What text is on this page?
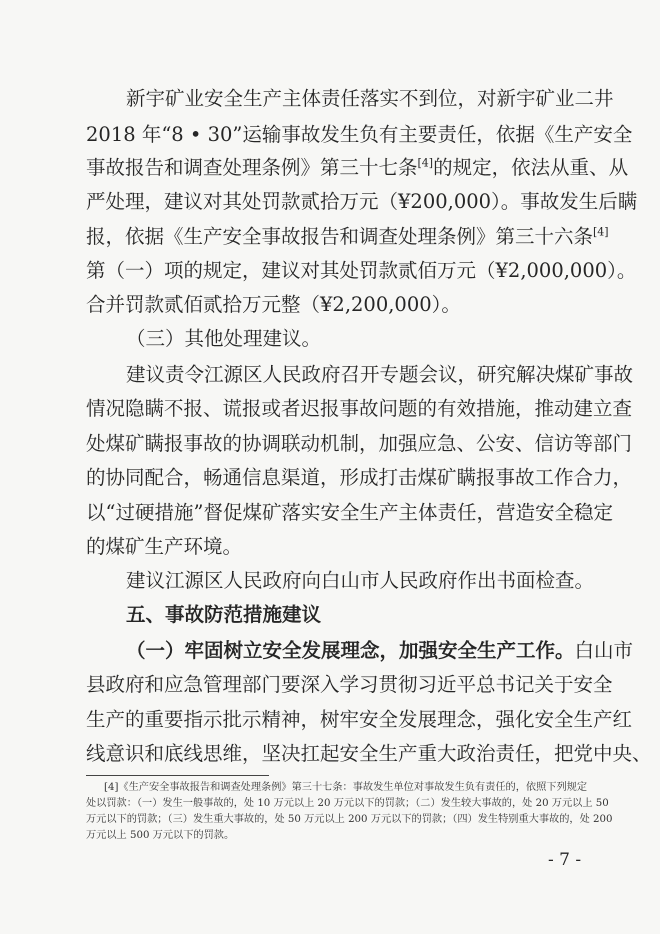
新宇矿业安全生产主体责任落实不到位，对新宇矿业二井
2018 年“8 • 30”运输事故发生负有主要责任，依据《生产安全
事故报告和调查处理条例》第三十七条[4]的规定，依法从重、从
严处理，建议对其处罚款贰拾万元（¥200,000）。事故发生后瞒
报，依据《生产安全事故报告和调查处理条例》第三十六条[4]
第（一）项的规定，建议对其处罚款贰佰万元（¥2,000,000）。
合并罚款贰佰贰拾万元整（¥2,200,000）。
（三）其他处理建议。
建议责令江源区人民政府召开专题会议，研究解决煤矿事故
情况隐瞒不报、谎报或者迟报事故问题的有效措施，推动建立查
处煤矿瞒报事故的协调联动机制，加强应急、公安、信访等部门
的协同配合，畅通信息渠道，形成打击煤矿瞒报事故工作合力，
以“过硬措施”督促煤矿落实安全生产主体责任，营造安全稳定
的煤矿生产环境。
建议江源区人民政府向白山市人民政府作出书面检查。
五、事故防范措施建议
（一）牢固树立安全发展理念，加强安全生产工作。白山市
县政府和应急管理部门要深入学习贯彻习近平总书记关于安全
生产的重要指示批示精神，树牢安全发展理念，强化安全生产红
线意识和底线思维，坚决扛起安全生产重大政治责任，把党中央、
[4]《生产安全事故报告和调查处理条例》第三十七条：事故发生单位对事故发生负有责任的，依照下列规定
处以罚款：（一）发生一般事故的，处 10 万元以上 20 万元以下的罚款；（二）发生较大事故的，处 20 万元以上 50
万元以下的罚款；（三）发生重大事故的，处 50 万元以上 200 万元以下的罚款；（四）发生特别重大事故的，处 200
万元以上 500 万元以下的罚款。
- 7 -
